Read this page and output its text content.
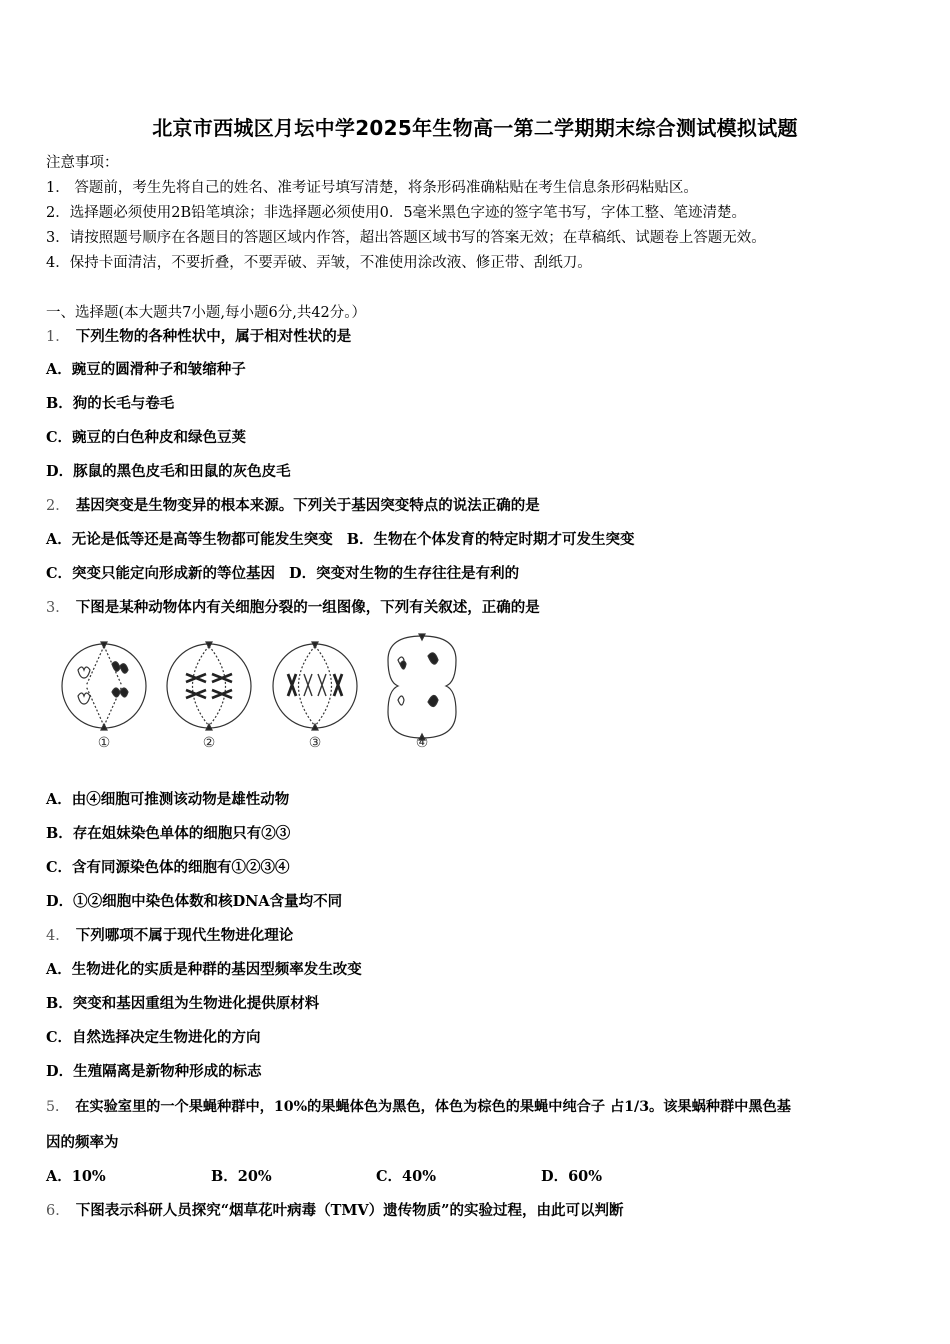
北京市西城区月坛中学2025年生物高一第二学期期末综合测试模拟试题
注意事项：
1． 答题前，考生先将自己的姓名、准考证号填写清楚，将条形码准确粘贴在考生信息条形码粘贴区。
2．选择题必须使用2B铅笔填涂；非选择题必须使用0．5毫米黑色字迹的签字笔书写，字体工整、笔迹清楚。
3．请按照题号顺序在各题目的答题区域内作答，超出答题区域书写的答案无效；在草稿纸、试题卷上答题无效。
4．保持卡面清洁，不要折叠，不要弄破、弄皱，不准使用涂改液、修正带、刮纸刀。
一、选择题(本大题共7小题,每小题6分,共42分。）
1． 下列生物的各种性状中，属于相对性状的是
A．豌豆的圆滑种子和皱缩种子
B．狗的长毛与卷毛
C．豌豆的白色种皮和绿色豆荚
D．豚鼠的黑色皮毛和田鼠的灰色皮毛
2． 基因突变是生物变异的根本来源。下列关于基因突变特点的说法正确的是
A．无论是低等还是高等生物都可能发生突变 B．生物在个体发育的特定时期才可发生突变
C．突变只能定向形成新的等位基因 D．突变对生物的生存往往是有利的
3． 下图是某种动物体内有关细胞分裂的一组图像，下列有关叙述，正确的是
①	②	③	④
A．由④细胞可推测该动物是雄性动物
B．存在姐妹染色单体的细胞只有②③
C．含有同源染色体的细胞有①②③④
D．①②细胞中染色体数和核DNA含量均不同
4． 下列哪项不属于现代生物进化理论
A．生物进化的实质是种群的基因型频率发生改变
B．突变和基因重组为生物进化提供原材料
C．自然选择决定生物进化的方向
D．生殖隔离是新物种形成的标志
5． 在实验室里的一个果蝇种群中，10%的果蝇体色为黑色，体色为棕色的果蝇中纯合子 占1/3。该果蜗种群中黑色基
因的频率为
A．10%	B．20%	C．40%	D．60%
6． 下图表示科研人员探究“烟草花叶病毒（TMV）遗传物质”的实验过程，由此可以判断
